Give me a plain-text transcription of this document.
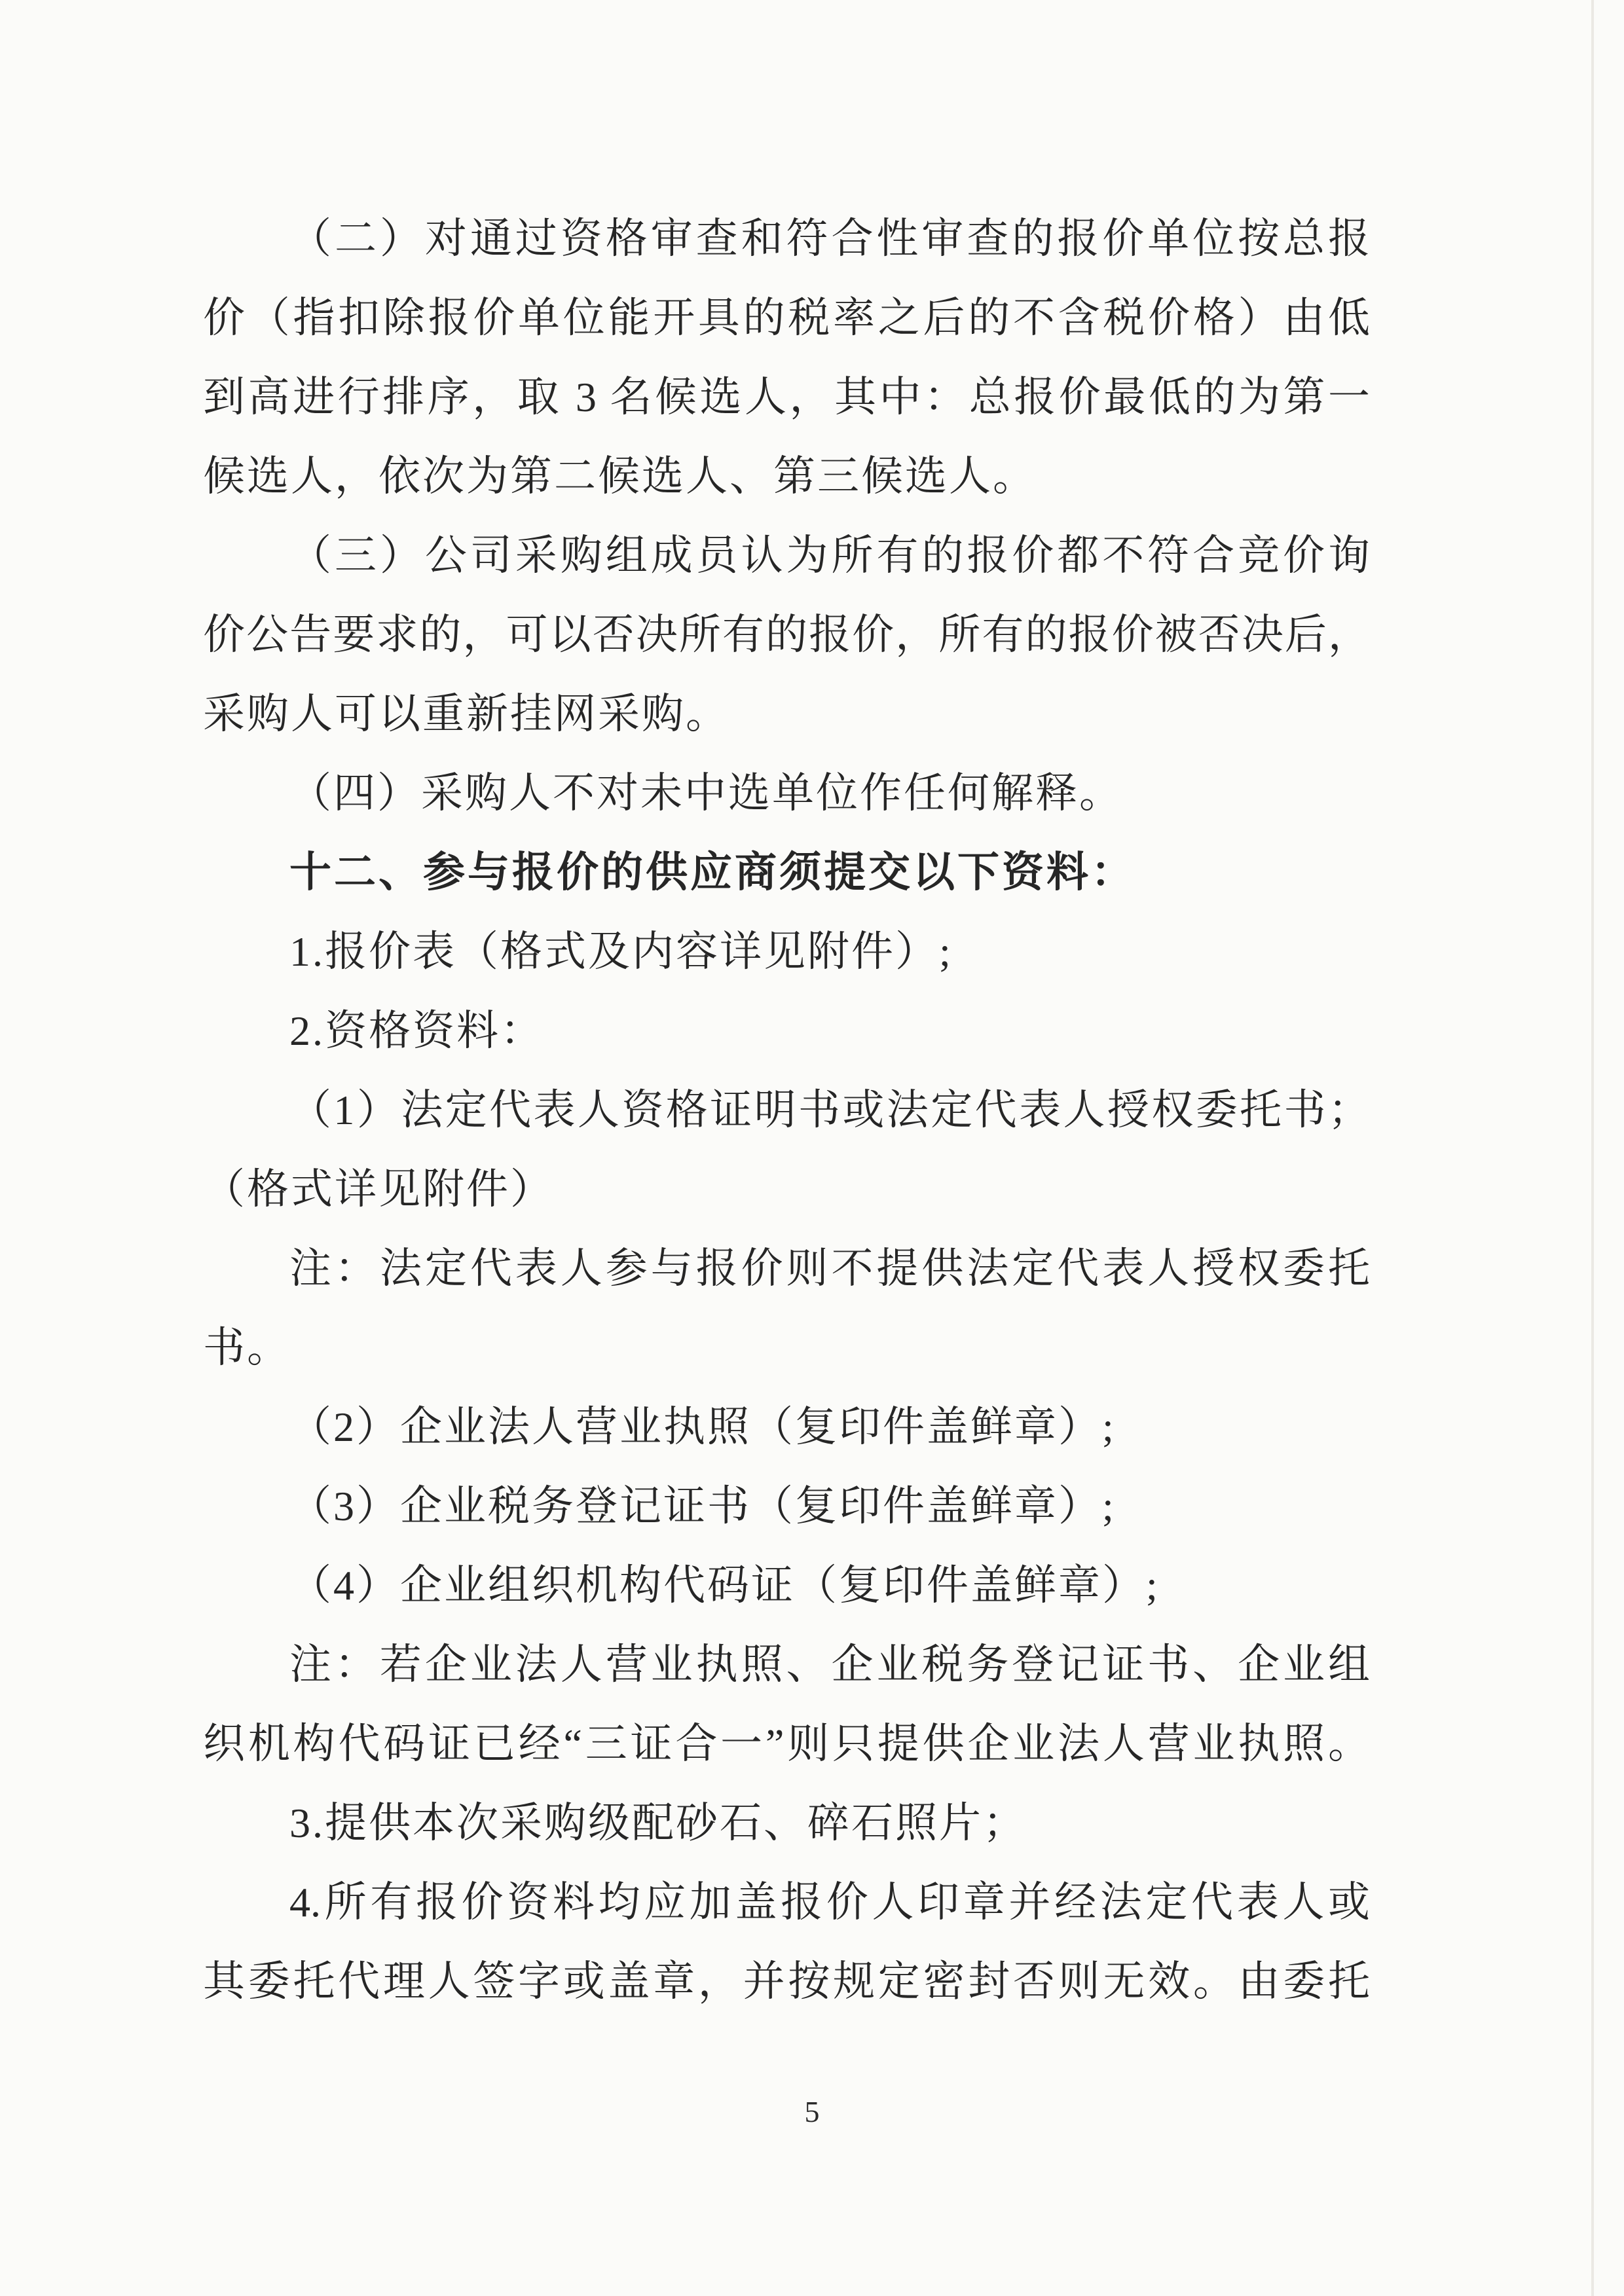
（二）对通过资格审查和符合性审查的报价单位按总报
价（指扣除报价单位能开具的税率之后的不含税价格）由低
到高进行排序，取 3 名候选人，其中：总报价最低的为第一
候选人，依次为第二候选人、第三候选人。
（三）公司采购组成员认为所有的报价都不符合竞价询
价公告要求的，可以否决所有的报价，所有的报价被否决后，
采购人可以重新挂网采购。
（四）采购人不对未中选单位作任何解释。
十二、参与报价的供应商须提交以下资料：
1.报价表（格式及内容详见附件）;
2.资格资料：
（1）法定代表人资格证明书或法定代表人授权委托书；
（格式详见附件）
注：法定代表人参与报价则不提供法定代表人授权委托
书。
（2）企业法人营业执照（复印件盖鲜章）;
（3）企业税务登记证书（复印件盖鲜章）;
（4）企业组织机构代码证（复印件盖鲜章）;
注：若企业法人营业执照、企业税务登记证书、企业组
织机构代码证已经“三证合一”则只提供企业法人营业执照。
3.提供本次采购级配砂石、碎石照片；
4.所有报价资料均应加盖报价人印章并经法定代表人或
其委托代理人签字或盖章，并按规定密封否则无效。由委托
5
